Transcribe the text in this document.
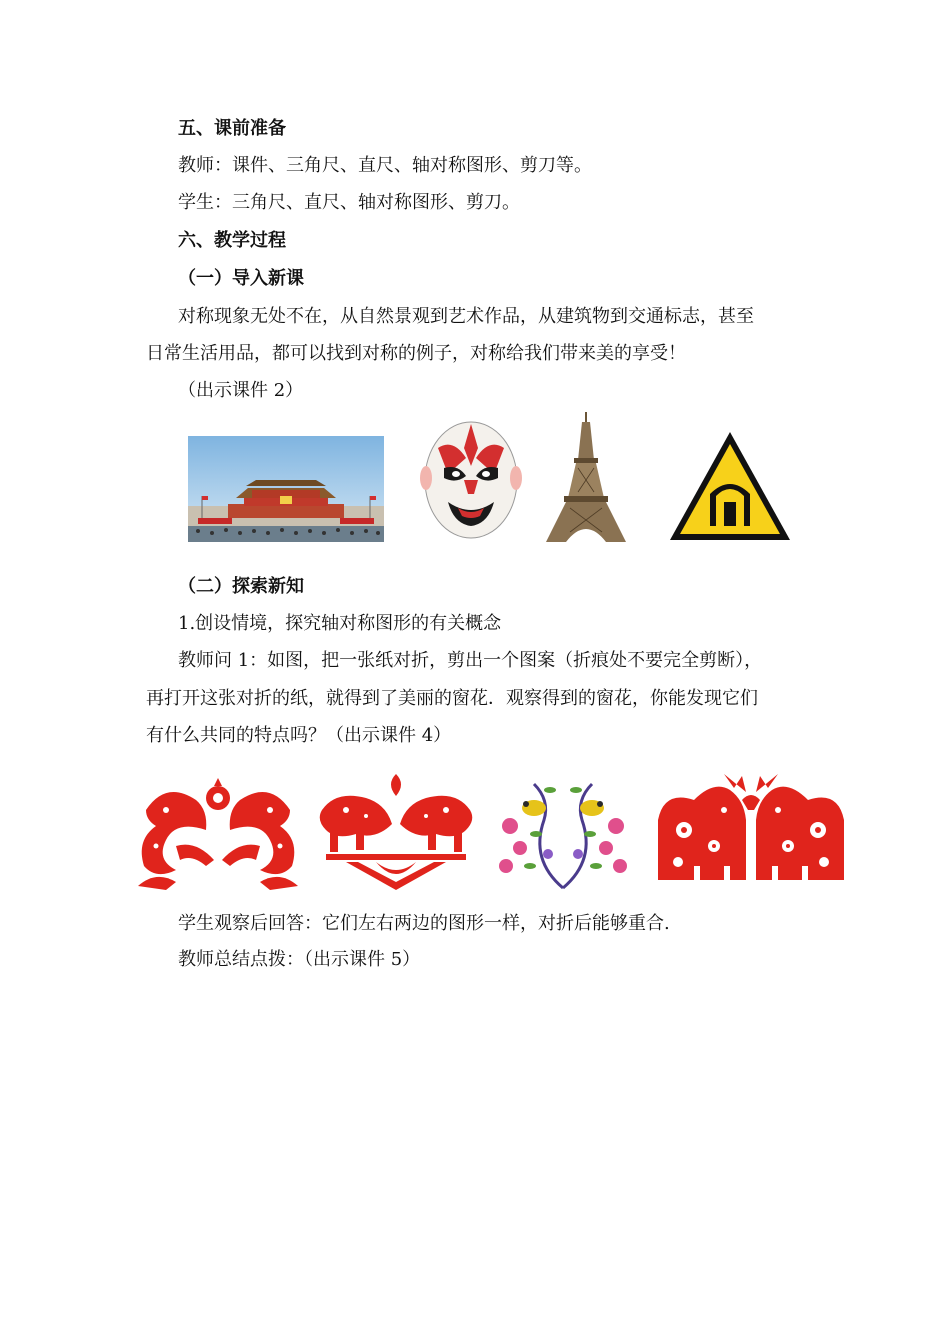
五、课前准备
教师：课件、三角尺、直尺、轴对称图形、剪刀等。
学生：三角尺、直尺、轴对称图形、剪刀。
六、教学过程
（一）导入新课
对称现象无处不在，从自然景观到艺术作品，从建筑物到交通标志，甚至
日常生活用品，都可以找到对称的例子，对称给我们带来美的享受！
（出示课件 2）
（二）探索新知
1.创设情境，探究轴对称图形的有关概念
教师问 1：如图，把一张纸对折，剪出一个图案（折痕处不要完全剪断），
再打开这张对折的纸，就得到了美丽的窗花．观察得到的窗花，你能发现它们
有什么共同的特点吗？（出示课件 4）
学生观察后回答：它们左右两边的图形一样，对折后能够重合.
教师总结点拨：（出示课件 5）
